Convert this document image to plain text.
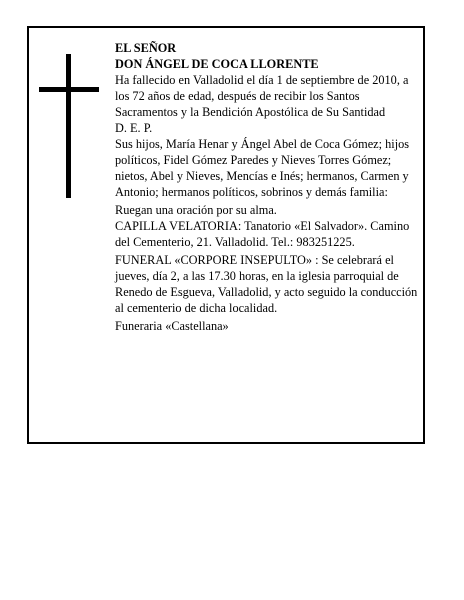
EL SEÑOR

DON ÁNGEL DE COCA LLORENTE

Ha fallecido en Valladolid el día 1 de septiembre de 2010, a los 72 años de edad, después de recibir los Santos Sacramentos y la Bendición Apostólica de Su Santidad

D. E. P.

Sus hijos, María Henar y Ángel Abel de Coca Gómez; hijos políticos, Fidel Gómez Paredes y Nieves Torres Gómez; nietos, Abel y Nieves, Mencías e Inés; hermanos, Carmen y Antonio; hermanos políticos, sobrinos y demás familia:

Ruegan una oración por su alma.

CAPILLA VELATORIA: Tanatorio «El Salvador». Camino del Cementerio, 21. Valladolid. Tel.: 983251225.

FUNERAL «CORPORE INSEPULTO» : Se celebrará el jueves, día 2, a las 17.30 horas, en la iglesia parroquial de Renedo de Esgueva, Valladolid, y acto seguido la conducción al cementerio de dicha localidad.

Funeraria «Castellana»
